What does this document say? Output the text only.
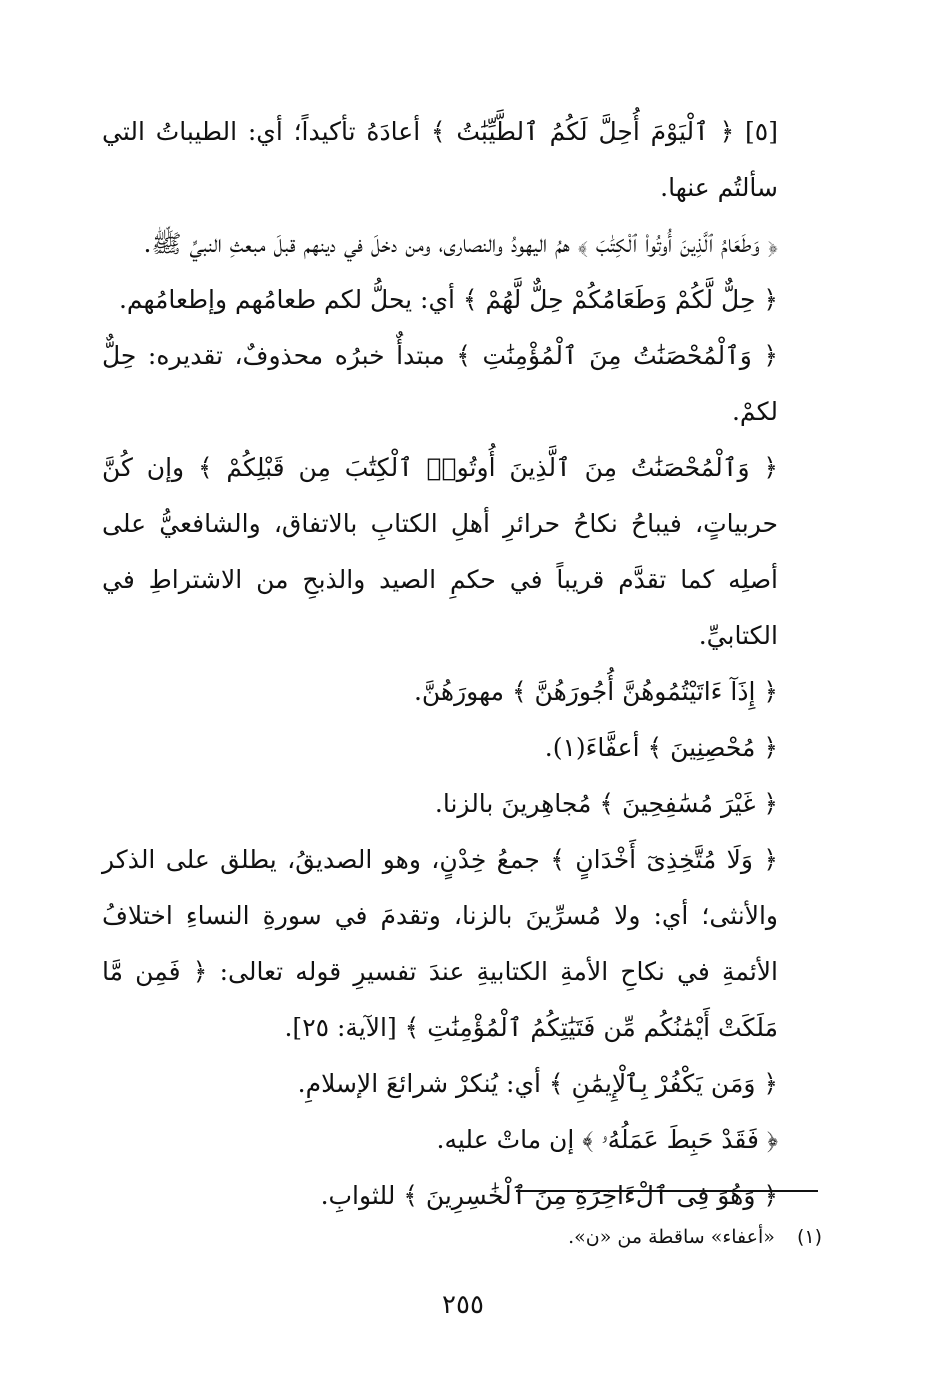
[٥] ﴿ ٱلْيَوْمَ أُحِلَّ لَكُمُ ٱلطَّيِّبَٰتُ ﴾ أعادَهُ تأكيداً؛ أي: الطيباتُ التي سألتُم عنها.

﴿ وَطَعَامُ ٱلَّذِينَ أُوتُوا۟ ٱلْكِتَٰبَ ﴾ همُ اليهودُ والنصارى، ومن دخلَ في دينهم قبلَ مبعثِ النبيِّ ﷺ.

﴿ حِلٌّ لَّكُمْ وَطَعَامُكُمْ حِلٌّ لَّهُمْ ﴾ أي: يحلُّ لكم طعامُهم وإطعامُهم.

﴿ وَٱلْمُحْصَنَٰتُ مِنَ ٱلْمُؤْمِنَٰتِ ﴾ مبتدأٌ خبرُه محذوفٌ، تقديره: حِلٌّ لكمْ.

﴿ وَٱلْمُحْصَنَٰتُ مِنَ ٱلَّذِينَ أُوتُوا۟ ٱلْكِتَٰبَ مِن قَبْلِكُمْ ﴾ وإن كُنَّ حربياتٍ، فيباحُ نكاحُ حرائرِ أهلِ الكتابِ بالاتفاق، والشافعيُّ على أصلِه كما تقدَّم قريباً في حكمِ الصيد والذبحِ من الاشتراطِ في الكتابيِّ.

﴿ إِذَآ ءَاتَيْتُمُوهُنَّ أُجُورَهُنَّ ﴾ مهورَهُنَّ.

﴿ مُحْصِنِينَ ﴾ أعفَّاءَ(١).

﴿ غَيْرَ مُسَٰفِحِينَ ﴾ مُجاهِرينَ بالزنا.

﴿ وَلَا مُتَّخِذِىٓ أَخْدَانٍ ﴾ جمعُ خِدْنٍ، وهو الصديقُ، يطلق على الذكر والأنثى؛ أي: ولا مُسرِّينَ بالزنا، وتقدمَ في سورةِ النساءِ اختلافُ الأئمةِ في نكاحِ الأمةِ الكتابيةِ عندَ تفسيرِ قوله تعالى: ﴿ فَمِن مَّا مَلَكَتْ أَيْمَٰنُكُم مِّن فَتَيَٰتِكُمُ ٱلْمُؤْمِنَٰتِ ﴾ [الآية: ٢٥].

﴿ وَمَن يَكْفُرْ بِٱلْإِيمَٰنِ ﴾ أي: يُنكرْ شرائعَ الإسلامِ.

﴿ فَقَدْ حَبِطَ عَمَلُهُۥ ﴾ إن ماتْ عليه.

﴿ وَهُوَ فِى ٱلْءَاخِرَةِ مِنَ ٱلْخَٰسِرِينَ ﴾ للثوابِ.

(١) «أعفاء» ساقطة من «ن».
٢٥٥
